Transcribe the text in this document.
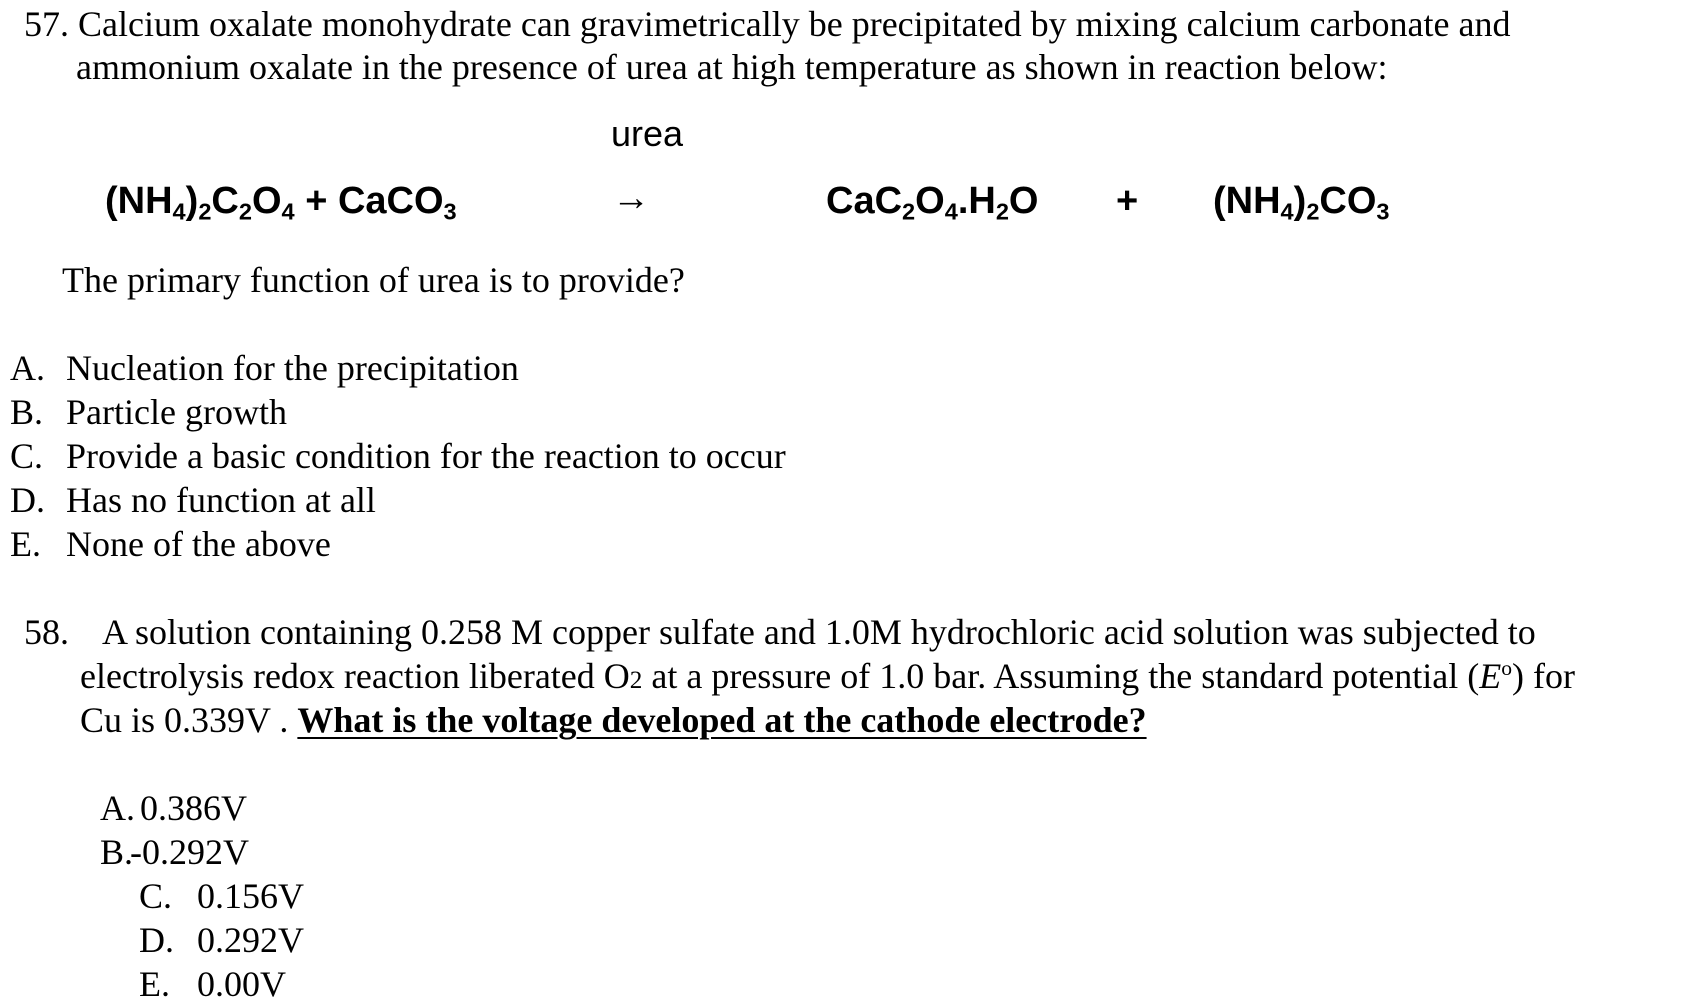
57. Calcium oxalate monohydrate can gravimetrically be precipitated by mixing calcium carbonate and
ammonium oxalate in the presence of urea at high temperature as shown in reaction below:
urea
$(NH_4)_2C_2O_4$ + CaCO$_3$	→	$CaC_2O_4.H_2O + (NH_4)_2CO_3$
The primary function of urea is to provide?
A. Nucleation for the precipitation
B. Particle growth
C. Provide a basic condition for the reaction to occur
D. Has no function at all
E. None of the above
58. A solution containing 0.258 M copper sulfate and 1.0M hydrochloric acid solution was subjected to
electrolysis redox reaction liberated O2 at a pressure of 1.0 bar. Assuming the standard potential $(E^o)$ for
Cu is 0.339V . What is the voltage developed at the cathode electrode?
A. 0.386V
B.-0.292V
C. 0.156V
D. 0.292V
E. 0.00V
